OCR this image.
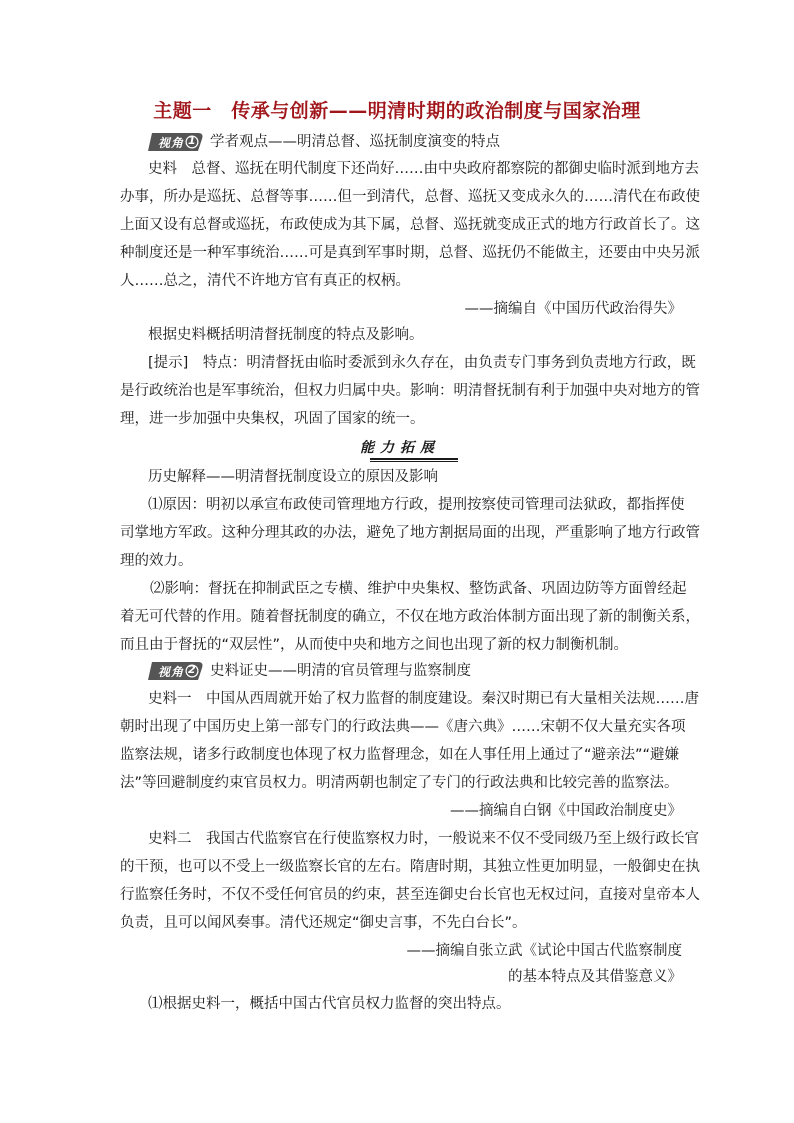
主题一　传承与创新——明清时期的政治制度与国家治理
视角 1 学者观点——明清总督、巡抚制度演变的特点
史料　总督、巡抚在明代制度下还尚好……由中央政府都察院的都御史临时派到地方去
办事，所办是巡抚、总督等事……但一到清代，总督、巡抚又变成永久的……清代在布政使
上面又设有总督或巡抚，布政使成为其下属，总督、巡抚就变成正式的地方行政首长了。这
种制度还是一种军事统治……可是真到军事时期，总督、巡抚仍不能做主，还要由中央另派
人……总之，清代不许地方官有真正的权柄。
——摘编自《中国历代政治得失》
根据史料概括明清督抚制度的特点及影响。
[提示]　特点：明清督抚由临时委派到永久存在，由负责专门事务到负责地方行政，既
是行政统治也是军事统治，但权力归属中央。影响：明清督抚制有利于加强中央对地方的管
理，进一步加强中央集权，巩固了国家的统一。
能力拓展
历史解释——明清督抚制度设立的原因及影响
⑴原因：明初以承宣布政使司管理地方行政，提刑按察使司管理司法狱政，都指挥使
司掌地方军政。这种分理其政的办法，避免了地方割据局面的出现，严重影响了地方行政管
理的效力。
⑵影响：督抚在抑制武臣之专横、维护中央集权、整饬武备、巩固边防等方面曾经起
着无可代替的作用。随着督抚制度的确立，不仅在地方政治体制方面出现了新的制衡关系，
而且由于督抚的“双层性”，从而使中央和地方之间也出现了新的权力制衡机制。
视角 2 史料证史——明清的官员管理与监察制度
史料一　中国从西周就开始了权力监督的制度建设。秦汉时期已有大量相关法规……唐
朝时出现了中国历史上第一部专门的行政法典——《唐六典》……宋朝不仅大量充实各项
监察法规，诸多行政制度也体现了权力监督理念，如在人事任用上通过了“避亲法”“避嫌
法”等回避制度约束官员权力。明清两朝也制定了专门的行政法典和比较完善的监察法。
——摘编自白钢《中国政治制度史》
史料二　我国古代监察官在行使监察权力时，一般说来不仅不受同级乃至上级行政长官
的干预，也可以不受上一级监察长官的左右。隋唐时期，其独立性更加明显，一般御史在执
行监察任务时，不仅不受任何官员的约束，甚至连御史台长官也无权过问，直接对皇帝本人
负责，且可以闻风奏事。清代还规定“御史言事，不先白台长”。
——摘编自张立武《试论中国古代监察制度
的基本特点及其借鉴意义》
⑴根据史料一，概括中国古代官员权力监督的突出特点。
